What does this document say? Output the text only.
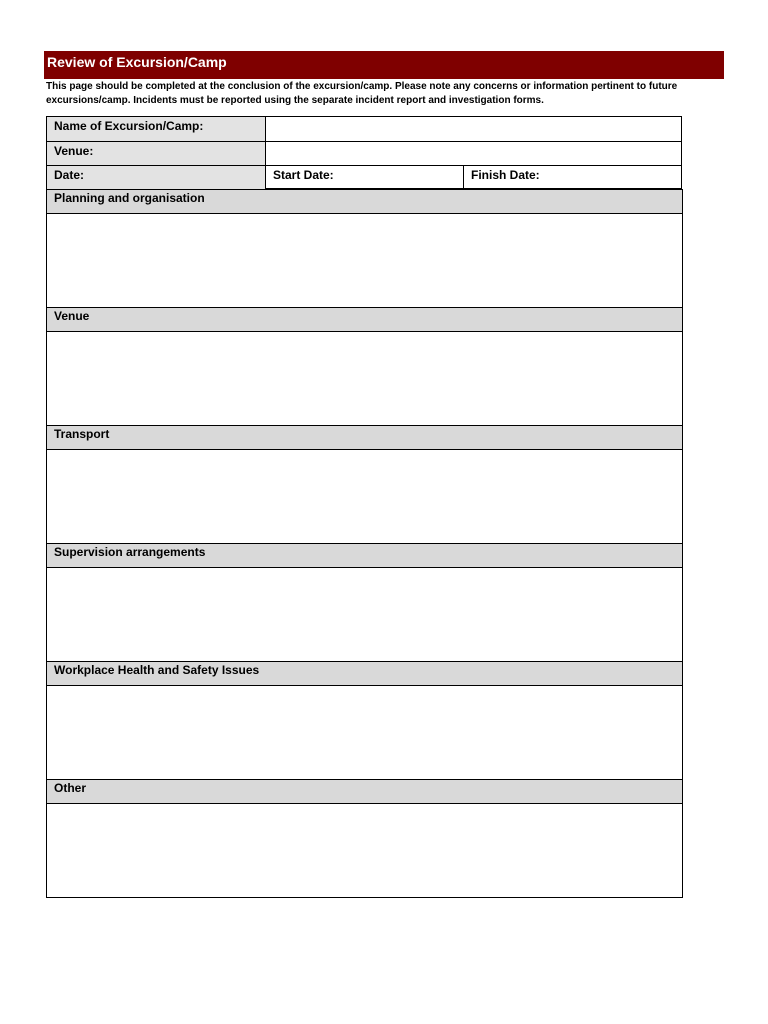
Review of Excursion/Camp
This page should be completed at the conclusion of the excursion/camp. Please note any concerns or information pertinent to future excursions/camp. Incidents must be reported using the separate incident report and investigation forms.
Name of Excursion/Camp:
Venue:
Date:	Start Date:	Finish Date:
Planning and organisation
Venue
Transport
Supervision arrangements
Workplace Health and Safety Issues
Other
